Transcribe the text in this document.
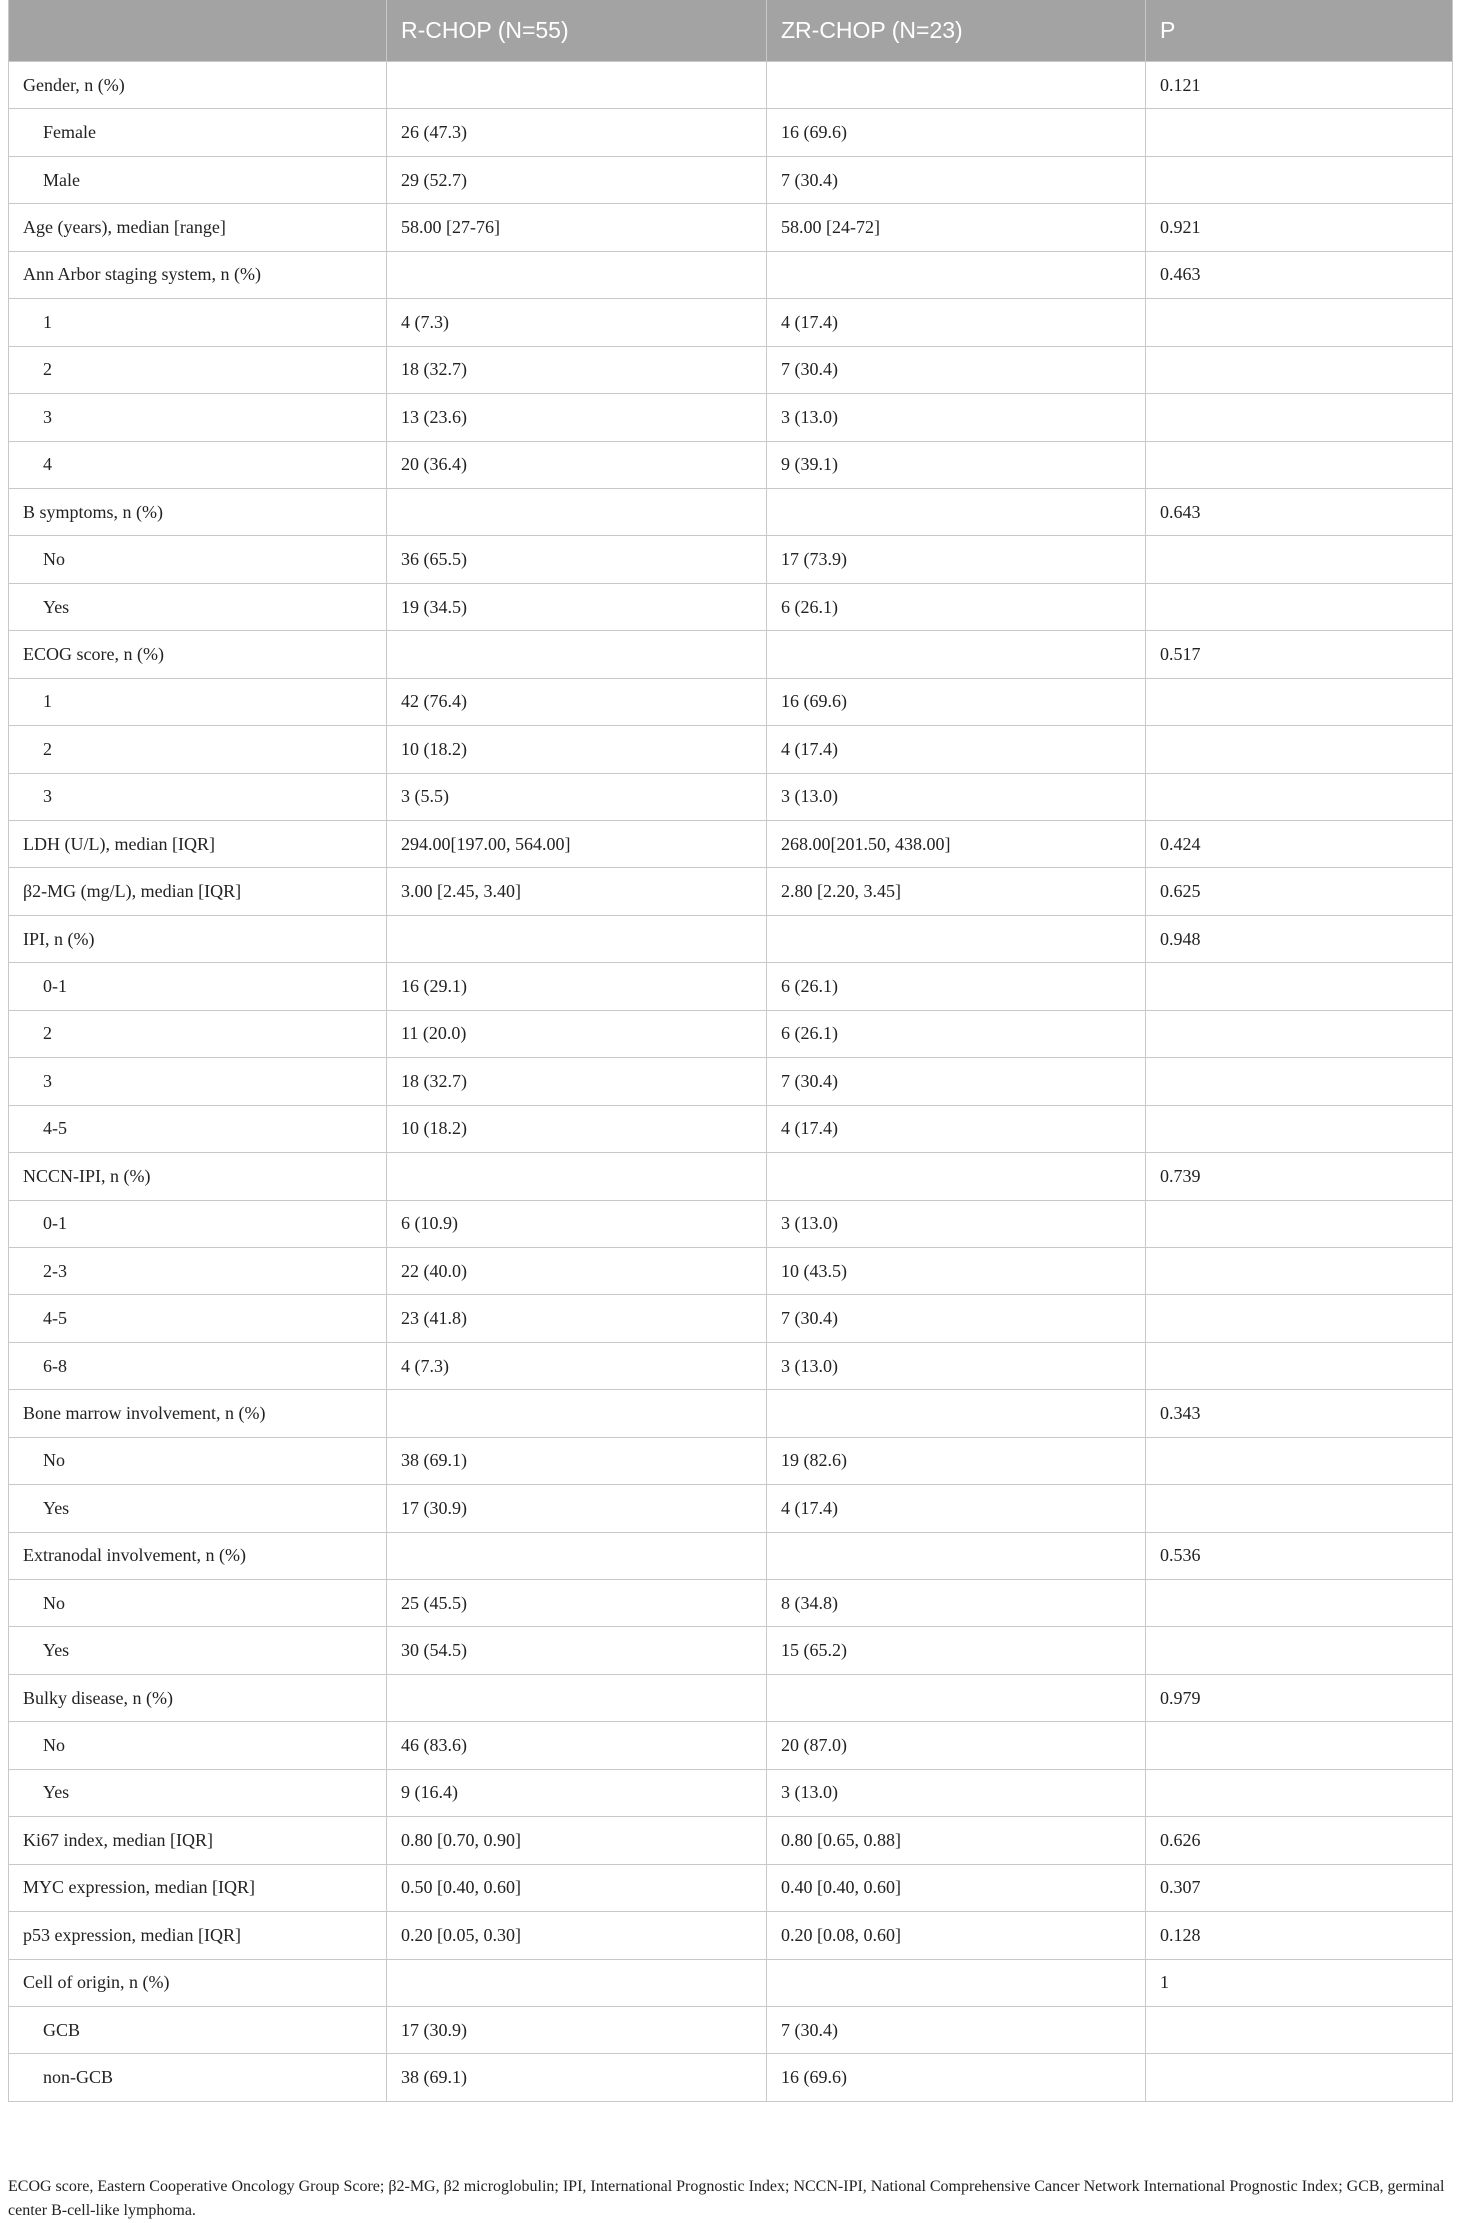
	R-CHOP (N=55)	ZR-CHOP (N=23)	P
Gender, n (%)			0.121
Female	26 (47.3)	16 (69.6)	
Male	29 (52.7)	7 (30.4)	
Age (years), median [range]	58.00 [27-76]	58.00 [24-72]	0.921
Ann Arbor staging system, n (%)			0.463
1	4 (7.3)	4 (17.4)	
2	18 (32.7)	7 (30.4)	
3	13 (23.6)	3 (13.0)	
4	20 (36.4)	9 (39.1)	
B symptoms, n (%)			0.643
No	36 (65.5)	17 (73.9)	
Yes	19 (34.5)	6 (26.1)	
ECOG score, n (%)			0.517
1	42 (76.4)	16 (69.6)	
2	10 (18.2)	4 (17.4)	
3	3 (5.5)	3 (13.0)	
LDH (U/L), median [IQR]	294.00[197.00, 564.00]	268.00[201.50, 438.00]	0.424
β2-MG (mg/L), median [IQR]	3.00 [2.45, 3.40]	2.80 [2.20, 3.45]	0.625
IPI, n (%)			0.948
0-1	16 (29.1)	6 (26.1)	
2	11 (20.0)	6 (26.1)	
3	18 (32.7)	7 (30.4)	
4-5	10 (18.2)	4 (17.4)	
NCCN-IPI, n (%)			0.739
0-1	6 (10.9)	3 (13.0)	
2-3	22 (40.0)	10 (43.5)	
4-5	23 (41.8)	7 (30.4)	
6-8	4 (7.3)	3 (13.0)	
Bone marrow involvement, n (%)			0.343
No	38 (69.1)	19 (82.6)	
Yes	17 (30.9)	4 (17.4)	
Extranodal involvement, n (%)			0.536
No	25 (45.5)	8 (34.8)	
Yes	30 (54.5)	15 (65.2)	
Bulky disease, n (%)			0.979
No	46 (83.6)	20 (87.0)	
Yes	9 (16.4)	3 (13.0)	
Ki67 index, median [IQR]	0.80 [0.70, 0.90]	0.80 [0.65, 0.88]	0.626
MYC expression, median [IQR]	0.50 [0.40, 0.60]	0.40 [0.40, 0.60]	0.307
p53 expression, median [IQR]	0.20 [0.05, 0.30]	0.20 [0.08, 0.60]	0.128
Cell of origin, n (%)			1
GCB	17 (30.9)	7 (30.4)	
non-GCB	38 (69.1)	16 (69.6)	
ECOG score, Eastern Cooperative Oncology Group Score; β2-MG, β2 microglobulin; IPI, International Prognostic Index; NCCN-IPI, National Comprehensive Cancer Network International Prognostic Index; GCB, germinal center B-cell-like lymphoma.
